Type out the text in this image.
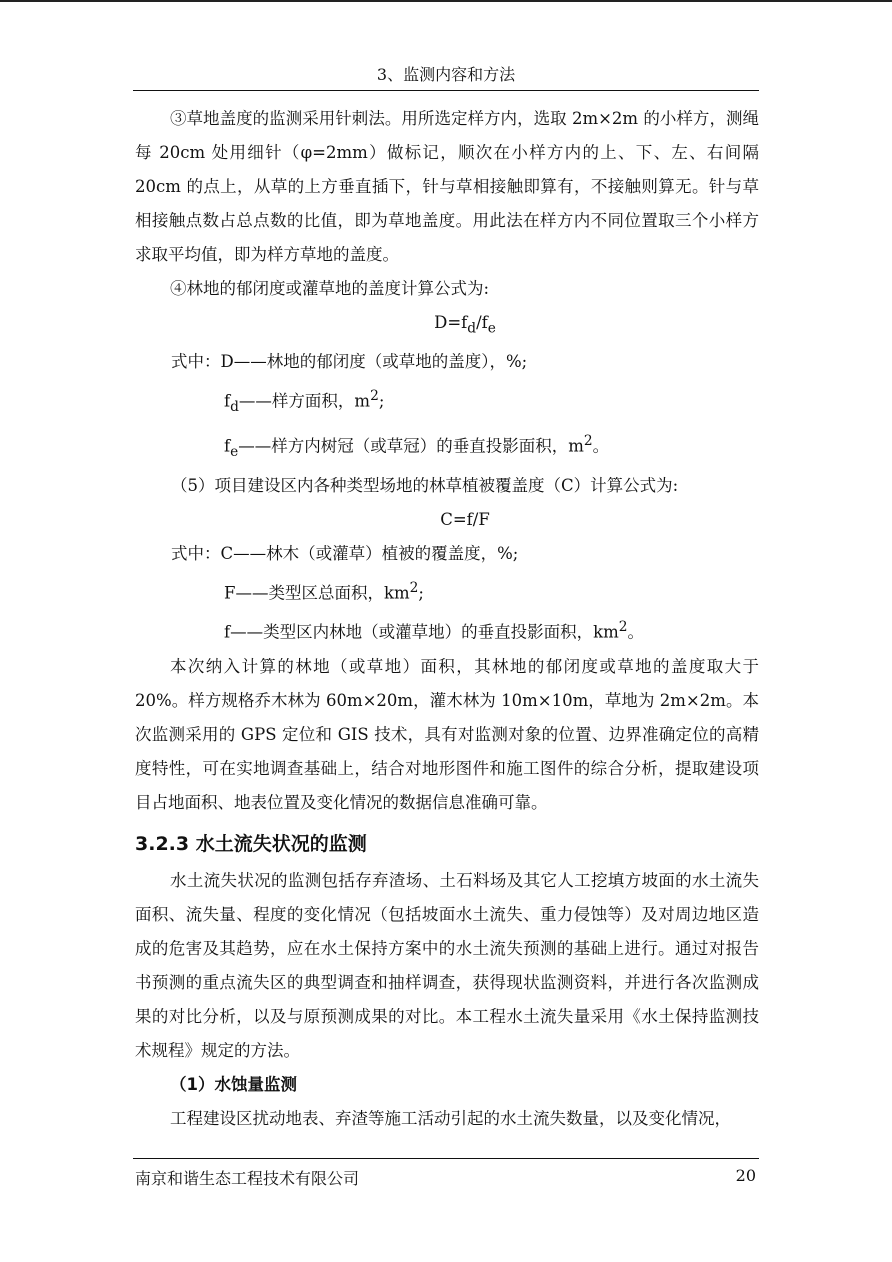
3、监测内容和方法

③草地盖度的监测采用针刺法。用所选定样方内，选取 2m×2m 的小样方，测绳每 20cm 处用细针（φ=2mm）做标记，顺次在小样方内的上、下、左、右间隔 20cm 的点上，从草的上方垂直插下，针与草相接触即算有，不接触则算无。针与草相接触点数占总点数的比值，即为草地盖度。用此法在样方内不同位置取三个小样方求取平均值，即为样方草地的盖度。

④林地的郁闭度或灌草地的盖度计算公式为:

$D=f_d/f_e$

式中：D——林地的郁闭度（或草地的盖度），%;

$f_d——$样方面积，$m^2$;

$f_e——$样方内树冠（或草冠）的垂直投影面积，$m^2$。

（5）项目建设区内各种类型场地的林草植被覆盖度（C）计算公式为:

C=f/F

式中：C——林木（或灌草）植被的覆盖度，%;

F——类型区总面积，$km^2$;

f——类型区内林地（或灌草地）的垂直投影面积，$km^2$。

本次纳入计算的林地（或草地）面积，其林地的郁闭度或草地的盖度取大于 20%。样方规格乔木林为 60m×20m，灌木林为 10m×10m，草地为 2m×2m。本次监测采用的 GPS 定位和 GIS 技术，具有对监测对象的位置、边界准确定位的高精度特性，可在实地调查基础上，结合对地形图件和施工图件的综合分析，提取建设项目占地面积、地表位置及变化情况的数据信息准确可靠。

3.2.3 水土流失状况的监测

水土流失状况的监测包括存弃渣场、土石料场及其它人工挖填方坡面的水土流失面积、流失量、程度的变化情况（包括坡面水土流失、重力侵蚀等）及对周边地区造成的危害及其趋势，应在水土保持方案中的水土流失预测的基础上进行。通过对报告书预测的重点流失区的典型调查和抽样调查，获得现状监测资料，并进行各次监测成果的对比分析，以及与原预测成果的对比。本工程水土流失量采用《水土保持监测技术规程》规定的方法。

（1）水蚀量监测

工程建设区扰动地表、弃渣等施工活动引起的水土流失数量，以及变化情况，

南京和谐生态工程技术有限公司	20
